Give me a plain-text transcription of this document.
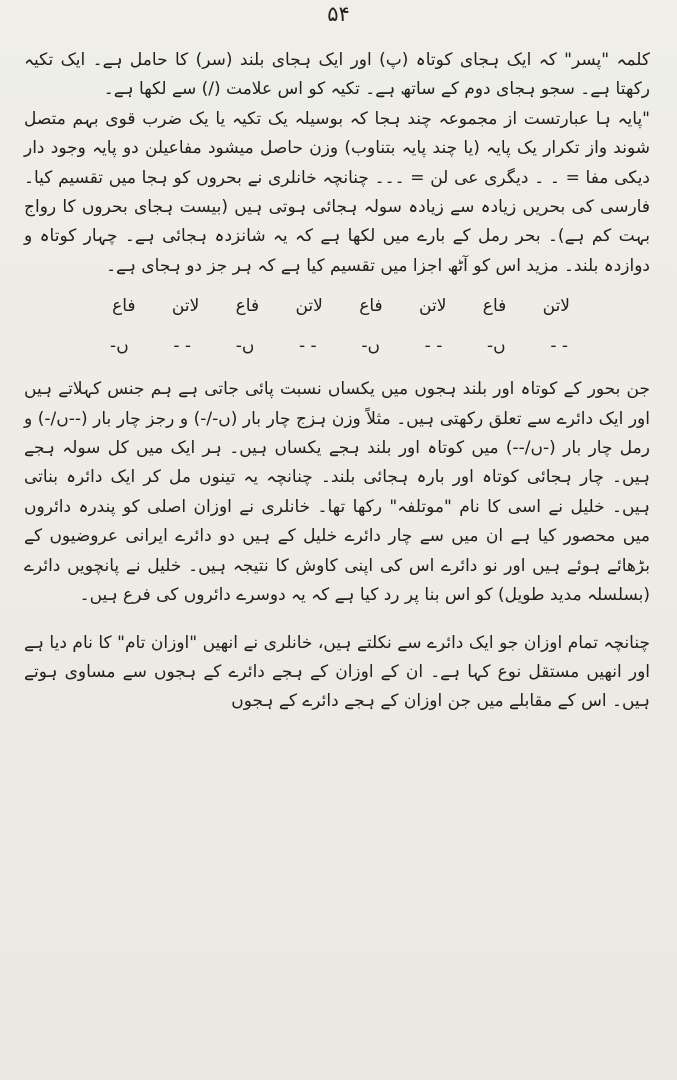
۵۴

کلمہ "پسر" کہ ایک ہجای کوتاہ (پ) اور ایک ہجای بلند (سر) کا حامل ہے۔ ایک تکیہ رکھتا ہے۔ سجو ہجای دوم کے ساتھ ہے۔ تکیہ کو اس علامت (/) سے لکھا ہے۔

"پایہ ہا عبارتست از مجموعہ چند ہجا کہ بوسیلہ یک تکیہ یا یک ضرب قوی بہم متصل شوند واز تکرار یک پایہ (یا چند پایہ بتناوب) وزن حاصل میشود مفاعیلن دو پایہ وجود دار دیکی مفا = ۔ ۔ دیگری عی لن = ۔۔۔ چنانچہ خانلری نے بحروں کو ہجا میں تقسیم کیا۔ فارسی کی بحریں زیادہ سے زیادہ سولہ ہجائی ہوتی ہیں (بیست ہجای بحروں کا رواج بہت کم ہے)۔ بحر رمل کے بارے میں لکھا ہے کہ یہ شانزدہ ہجائی ہے۔ چہار کوتاہ و دوازدہ بلند۔ مزید اس کو آٹھ اجزا میں تقسیم کیا ہے کہ ہر جز دو ہجای ہے۔

فاع لاتن فاع لاتن فاع لاتن فاع لاتن
-ں	- -	-ں	- -	-ں	- -	-ں	- -

جن بحور کے کوتاہ اور بلند ہجوں میں یکساں نسبت پائی جاتی ہے ہم جنس کہلاتے ہیں اور ایک دائرے سے تعلق رکھتی ہیں۔ مثلاً وزن ہزج چار بار (ں-/-) و رجز چار بار (--ں/-) و رمل چار بار (-ں/--) میں کوتاہ اور بلند ہجے یکساں ہیں۔ ہر ایک میں کل سولہ ہجے ہیں۔ چار ہجائی کوتاہ اور بارہ ہجائی بلند۔ چنانچہ یہ تینوں مل کر ایک دائرہ بناتی ہیں۔ خلیل نے اسی کا نام "موتلفہ" رکھا تھا۔ خانلری نے اوزان اصلی کو پندرہ دائروں میں محصور کیا ہے ان میں سے چار دائرے خلیل کے ہیں دو دائرے ایرانی عروضیوں کے بڑھائے ہوئے ہیں اور نو دائرے اس کی اپنی کاوش کا نتیجہ ہیں۔ خلیل نے پانچویں دائرے (بسلسلہ مدید طویل) کو اس بنا پر رد کیا ہے کہ یہ دوسرے دائروں کی فرع ہیں۔

چنانچہ تمام اوزان جو ایک دائرے سے نکلتے ہیں، خانلری نے انھیں "اوزان تام" کا نام دیا ہے اور انھیں مستقل نوع کہا ہے۔ ان کے اوزان کے ہجے دائرے کے ہجوں سے مساوی ہوتے ہیں۔ اس کے مقابلے میں جن اوزان کے ہجے دائرے کے ہجوں
